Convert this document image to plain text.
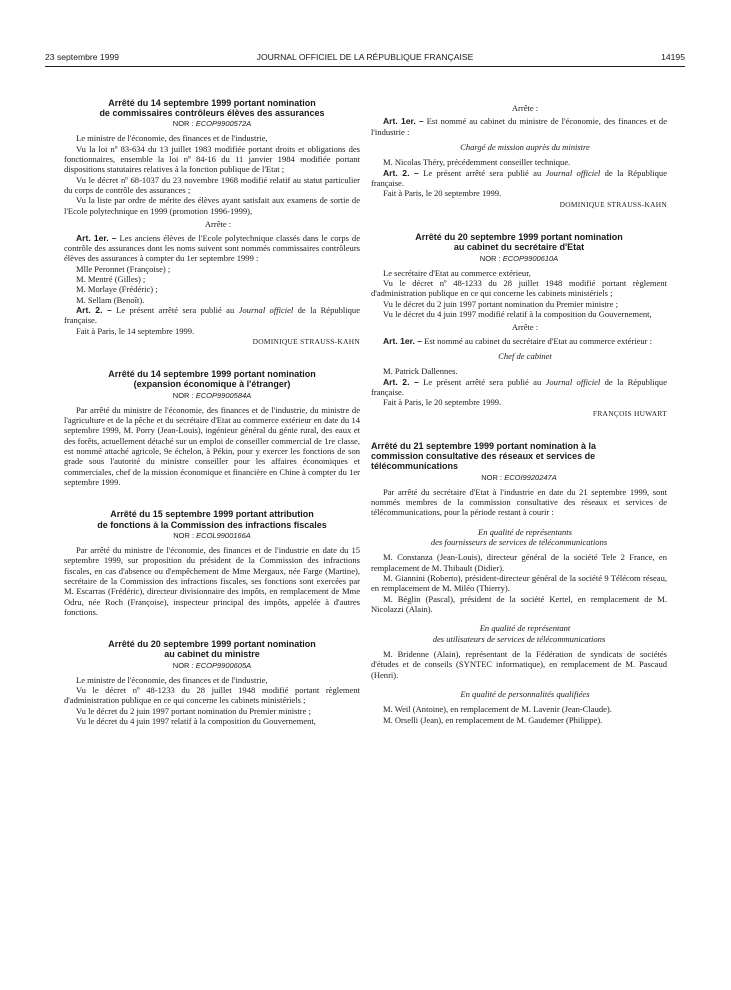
23 septembre 1999	JOURNAL OFFICIEL DE LA RÉPUBLIQUE FRANÇAISE	14195
Arrêté du 14 septembre 1999 portant nomination
de commissaires contrôleurs élèves des assurances
NOR : ECOP9900572A

Le ministre de l'économie, des finances et de l'industrie,

Vu la loi nº 83-634 du 13 juillet 1983 modifiée portant droits et obligations des fonctionnaires, ensemble la loi nº 84-16 du 11 janvier 1984 modifiée portant dispositions statutaires relatives à la fonction publique de l'Etat ;

Vu le décret nº 68-1037 du 23 novembre 1968 modifié relatif au statut particulier du corps de contrôle des assurances ;

Vu la liste par ordre de mérite des élèves ayant satisfait aux examens de sortie de l'Ecole polytechnique en 1999 (promotion 1996-1999),

Arrête :

Art. 1er. – Les anciens élèves de l'Ecole polytechnique classés dans le corps de contrôle des assurances dont les noms suivent sont nommés commissaires contrôleurs élèves des assurances à compter du 1er septembre 1999 :

Mlle Peronnet (Françoise) ;

M. Mentré (Gilles) ;

M. Morlaye (Frédéric) ;

M. Sellam (Benoît).

Art. 2. – Le présent arrêté sera publié au Journal officiel de la République française.

Fait à Paris, le 14 septembre 1999.

DOMINIQUE STRAUSS-KAHN

Arrêté du 14 septembre 1999 portant nomination
(expansion économique à l'étranger)
NOR : ECOP9900584A

Par arrêté du ministre de l'économie, des finances et de l'industrie, du ministre de l'agriculture et de la pêche et du secrétaire d'Etat au commerce extérieur en date du 14 septembre 1999, M. Porry (Jean-Louis), ingénieur général du génie rural, des eaux et des forêts, actuellement détaché sur un emploi de conseiller commercial de 1re classe, est nommé attaché agricole, 9e échelon, à Pékin, pour y exercer les fonctions de son grade sous l'autorité du ministre conseiller pour les affaires économiques et commerciales, chef de la mission économique et financière en Chine à compter du 1er septembre 1999.

Arrêté du 15 septembre 1999 portant attribution
de fonctions à la Commission des infractions fiscales
NOR : ECOL9900166A

Par arrêté du ministre de l'économie, des finances et de l'industrie en date du 15 septembre 1999, sur proposition du président de la Commission des infractions fiscales, en cas d'absence ou d'empêchement de Mme Mergaux, née Farge (Martine), secrétaire de la Commission des infractions fiscales, ses fonctions sont exercées par M. Escarras (Frédéric), directeur divisionnaire des impôts, en remplacement de Mme Odru, née Roch (Françoise), inspecteur principal des impôts, appelée à d'autres fonctions.

Arrêté du 20 septembre 1999 portant nomination
au cabinet du ministre
NOR : ECOP9900605A

Le ministre de l'économie, des finances et de l'industrie,

Vu le décret nº 48-1233 du 28 juillet 1948 modifié portant règlement d'administration publique en ce qui concerne les cabinets ministériels ;

Vu le décret du 2 juin 1997 portant nomination du Premier ministre ;

Vu le décret du 4 juin 1997 relatif à la composition du Gouvernement,

Arrête :

Art. 1er. – Est nommé au cabinet du ministre de l'économie, des finances et de l'industrie :

Chargé de mission auprès du ministre

M. Nicolas Théry, précédemment conseiller technique.

Art. 2. – Le présent arrêté sera publié au Journal officiel de la République française.

Fait à Paris, le 20 septembre 1999.

DOMINIQUE STRAUSS-KAHN

Arrêté du 20 septembre 1999 portant nomination
au cabinet du secrétaire d'Etat
NOR : ECOP9900610A

Le secrétaire d'Etat au commerce extérieur,

Vu le décret nº 48-1233 du 28 juillet 1948 modifié portant règlement d'administration publique en ce qui concerne les cabinets ministériels ;

Vu le décret du 2 juin 1997 portant nomination du Premier ministre ;

Vu le décret du 4 juin 1997 modifié relatif à la composition du Gouvernement,

Arrête :

Art. 1er. – Est nommé au cabinet du secrétaire d'Etat au commerce extérieur :

Chef de cabinet

M. Patrick Dallennes.

Art. 2. – Le présent arrêté sera publié au Journal officiel de la République française.

Fait à Paris, le 20 septembre 1999.

FRANÇOIS HUWART

Arrêté du 21 septembre 1999 portant nomination à la
commission consultative des réseaux et services de
télécommunications
NOR : ECOI9920247A

Par arrêté du secrétaire d'Etat à l'industrie en date du 21 septembre 1999, sont nommés membres de la commission consultative des réseaux et services de télécommunications, pour la période restant à courir :

En qualité de représentants
des fournisseurs de services de télécommunications

M. Constanza (Jean-Louis), directeur général de la société Tele 2 France, en remplacement de M. Thibault (Didier).

M. Giannini (Roberto), président-directeur général de la société 9 Télécom réseau, en remplacement de M. Miléo (Thierry).

M. Béglin (Pascal), président de la société Kertel, en remplacement de M. Nicolazzi (Alain).

En qualité de représentant
des utilisateurs de services de télécommunications

M. Bridenne (Alain), représentant de la Fédération de syndicats de sociétés d'études et de conseils (SYNTEC informatique), en remplacement de M. Pascaud (Henri).

En qualité de personnalités qualifiées

M. Weil (Antoine), en remplacement de M. Lavenir (Jean-Claude).

M. Orselli (Jean), en remplacement de M. Gaudemer (Philippe).
